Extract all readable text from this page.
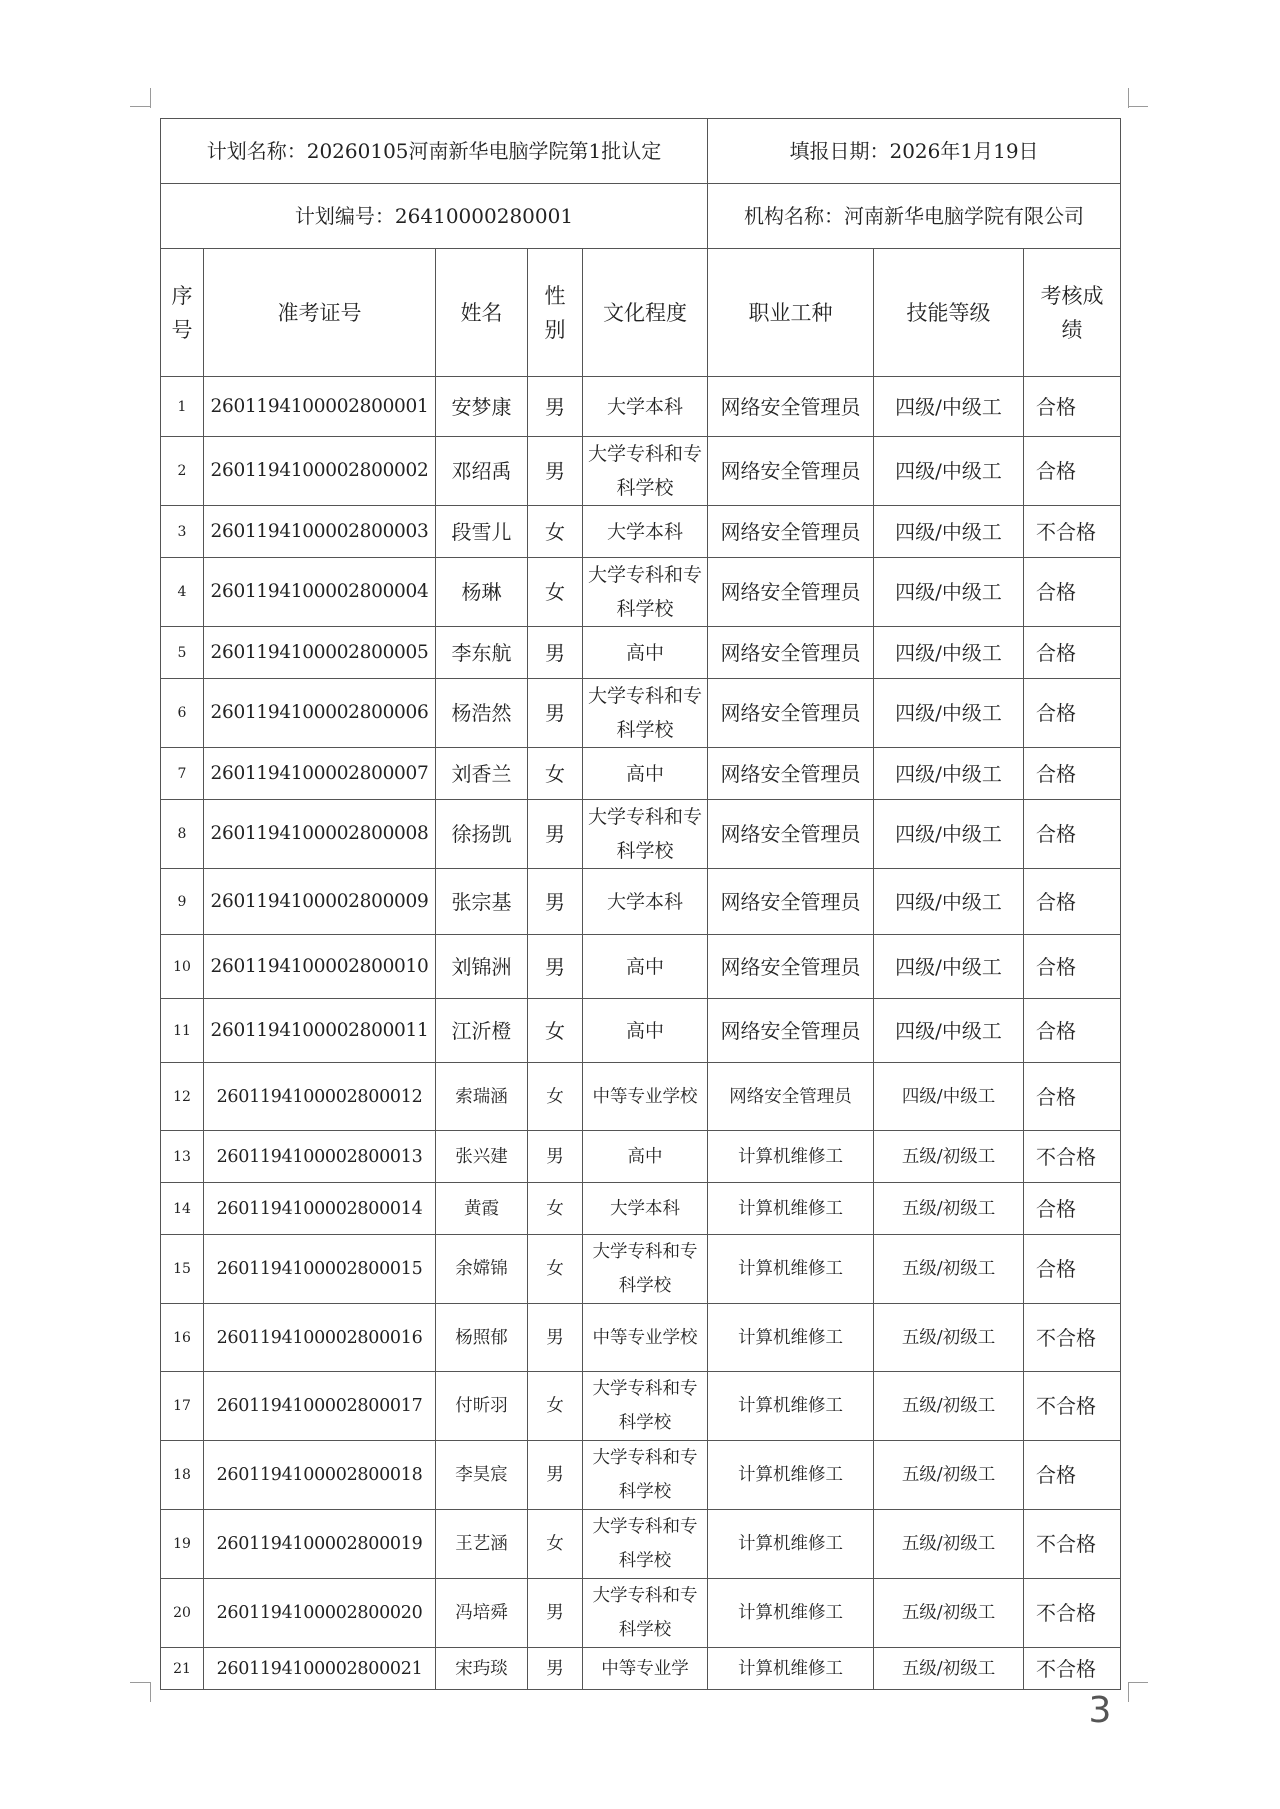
计划名称：20260105河南新华电脑学院第1批认定					填报日期：2026年1月19日		
计划编号：26410000280001					机构名称：河南新华电脑学院有限公司		
序号	准考证号	姓名	性别	文化程度	职业工种	技能等级	考核成绩
1	2601194100002800001	安梦康	男	大学本科	网络安全管理员	四级/中级工	合格
2	2601194100002800002	邓绍禹	男	大学专科和专科学校	网络安全管理员	四级/中级工	合格
3	2601194100002800003	段雪儿	女	大学本科	网络安全管理员	四级/中级工	不合格
4	2601194100002800004	杨琳	女	大学专科和专科学校	网络安全管理员	四级/中级工	合格
5	2601194100002800005	李东航	男	高中	网络安全管理员	四级/中级工	合格
6	2601194100002800006	杨浩然	男	大学专科和专科学校	网络安全管理员	四级/中级工	合格
7	2601194100002800007	刘香兰	女	高中	网络安全管理员	四级/中级工	合格
8	2601194100002800008	徐扬凯	男	大学专科和专科学校	网络安全管理员	四级/中级工	合格
9	2601194100002800009	张宗基	男	大学本科	网络安全管理员	四级/中级工	合格
10	2601194100002800010	刘锦洲	男	高中	网络安全管理员	四级/中级工	合格
11	2601194100002800011	江沂橙	女	高中	网络安全管理员	四级/中级工	合格
12	2601194100002800012	索瑞涵	女	中等专业学校	网络安全管理员	四级/中级工	合格
13	2601194100002800013	张兴建	男	高中	计算机维修工	五级/初级工	不合格
14	2601194100002800014	黄霞	女	大学本科	计算机维修工	五级/初级工	合格
15	2601194100002800015	余嫦锦	女	大学专科和专科学校	计算机维修工	五级/初级工	合格
16	2601194100002800016	杨照郁	男	中等专业学校	计算机维修工	五级/初级工	不合格
17	2601194100002800017	付昕羽	女	大学专科和专科学校	计算机维修工	五级/初级工	不合格
18	2601194100002800018	李昊宸	男	大学专科和专科学校	计算机维修工	五级/初级工	合格
19	2601194100002800019	王艺涵	女	大学专科和专科学校	计算机维修工	五级/初级工	不合格
20	2601194100002800020	冯培舜	男	大学专科和专科学校	计算机维修工	五级/初级工	不合格
21	2601194100002800021	宋玙琰	男	中等专业学	计算机维修工	五级/初级工	不合格
3
